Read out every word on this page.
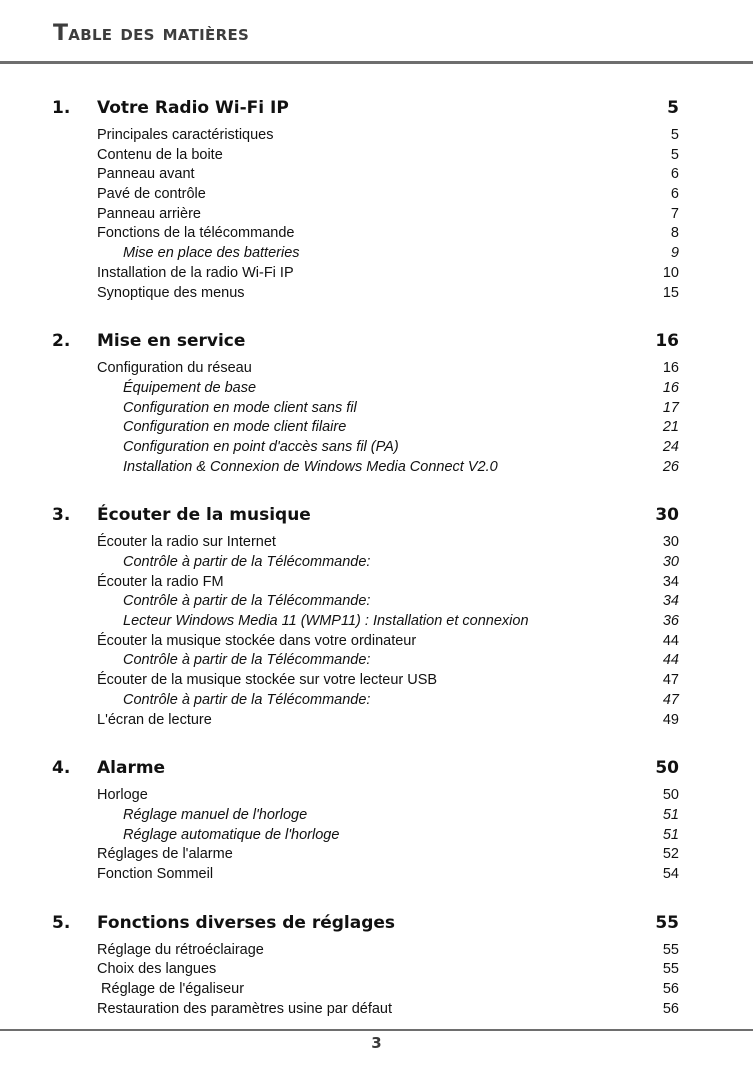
Table des matières
1. Votre Radio Wi-Fi IP	5
Principales caractéristiques	5
Contenu de la boite	5
Panneau avant	6
Pavé de contrôle	6
Panneau arrière	7
Fonctions de la télécommande	8
Mise en place des batteries	9
Installation de la radio Wi-Fi IP	10
Synoptique des menus	15
2. Mise en service	16
Configuration du réseau	16
Équipement de base	16
Configuration en mode client sans fil	17
Configuration en mode client filaire	21
Configuration en point d'accès sans fil (PA)	24
Installation & Connexion de Windows Media Connect V2.0	26
3. Écouter de la musique	30
Écouter la radio sur Internet	30
Contrôle à partir de la Télécommande:	30
Écouter la radio FM	34
Contrôle à partir de la Télécommande:	34
Lecteur Windows Media 11 (WMP11) : Installation et connexion	36
Écouter la musique stockée dans votre ordinateur	44
Contrôle à partir de la Télécommande:	44
Écouter de la musique stockée sur votre lecteur USB	47
Contrôle à partir de la Télécommande:	47
L'écran de lecture	49
4. Alarme	50
Horloge	50
Réglage manuel de l'horloge	51
Réglage automatique de l'horloge	51
Réglages de l'alarme	52
Fonction Sommeil	54
5. Fonctions diverses de réglages	55
Réglage du rétroéclairage	55
Choix des langues	55
Réglage de l'égaliseur	56
Restauration des paramètres usine par défaut	56
3
